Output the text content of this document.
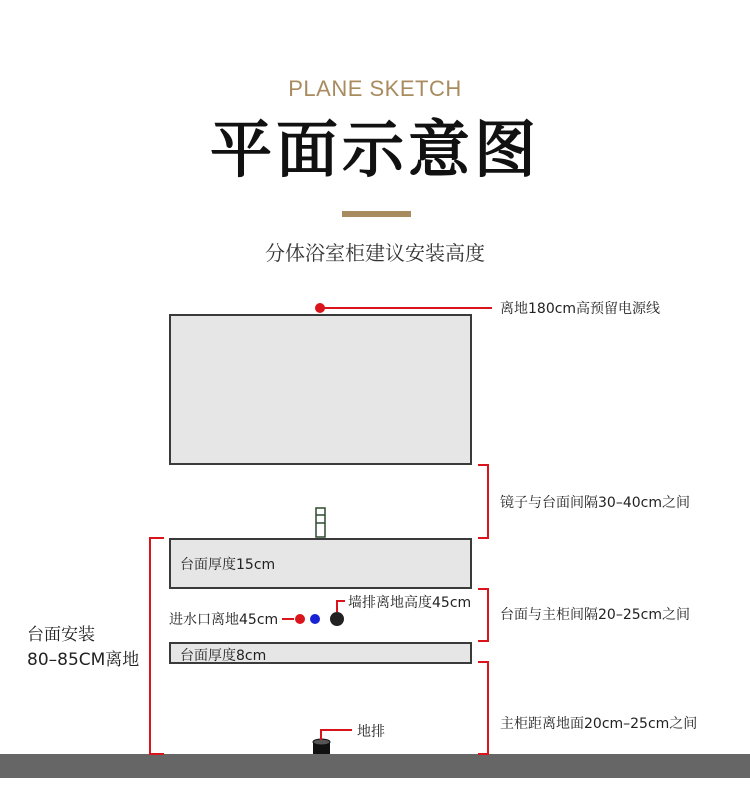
PLANE SKETCH
平面示意图
分体浴室柜建议安装高度
台面厚度15cm
台面厚度8cm
离地180cm高预留电源线
镜子与台面间隔30–40cm之间
台面与主柜间隔20–25cm之间
主柜距离地面20cm–25cm之间
进水口离地45cm
墙排离地高度45cm
地排
台面安装
80–85CM离地
